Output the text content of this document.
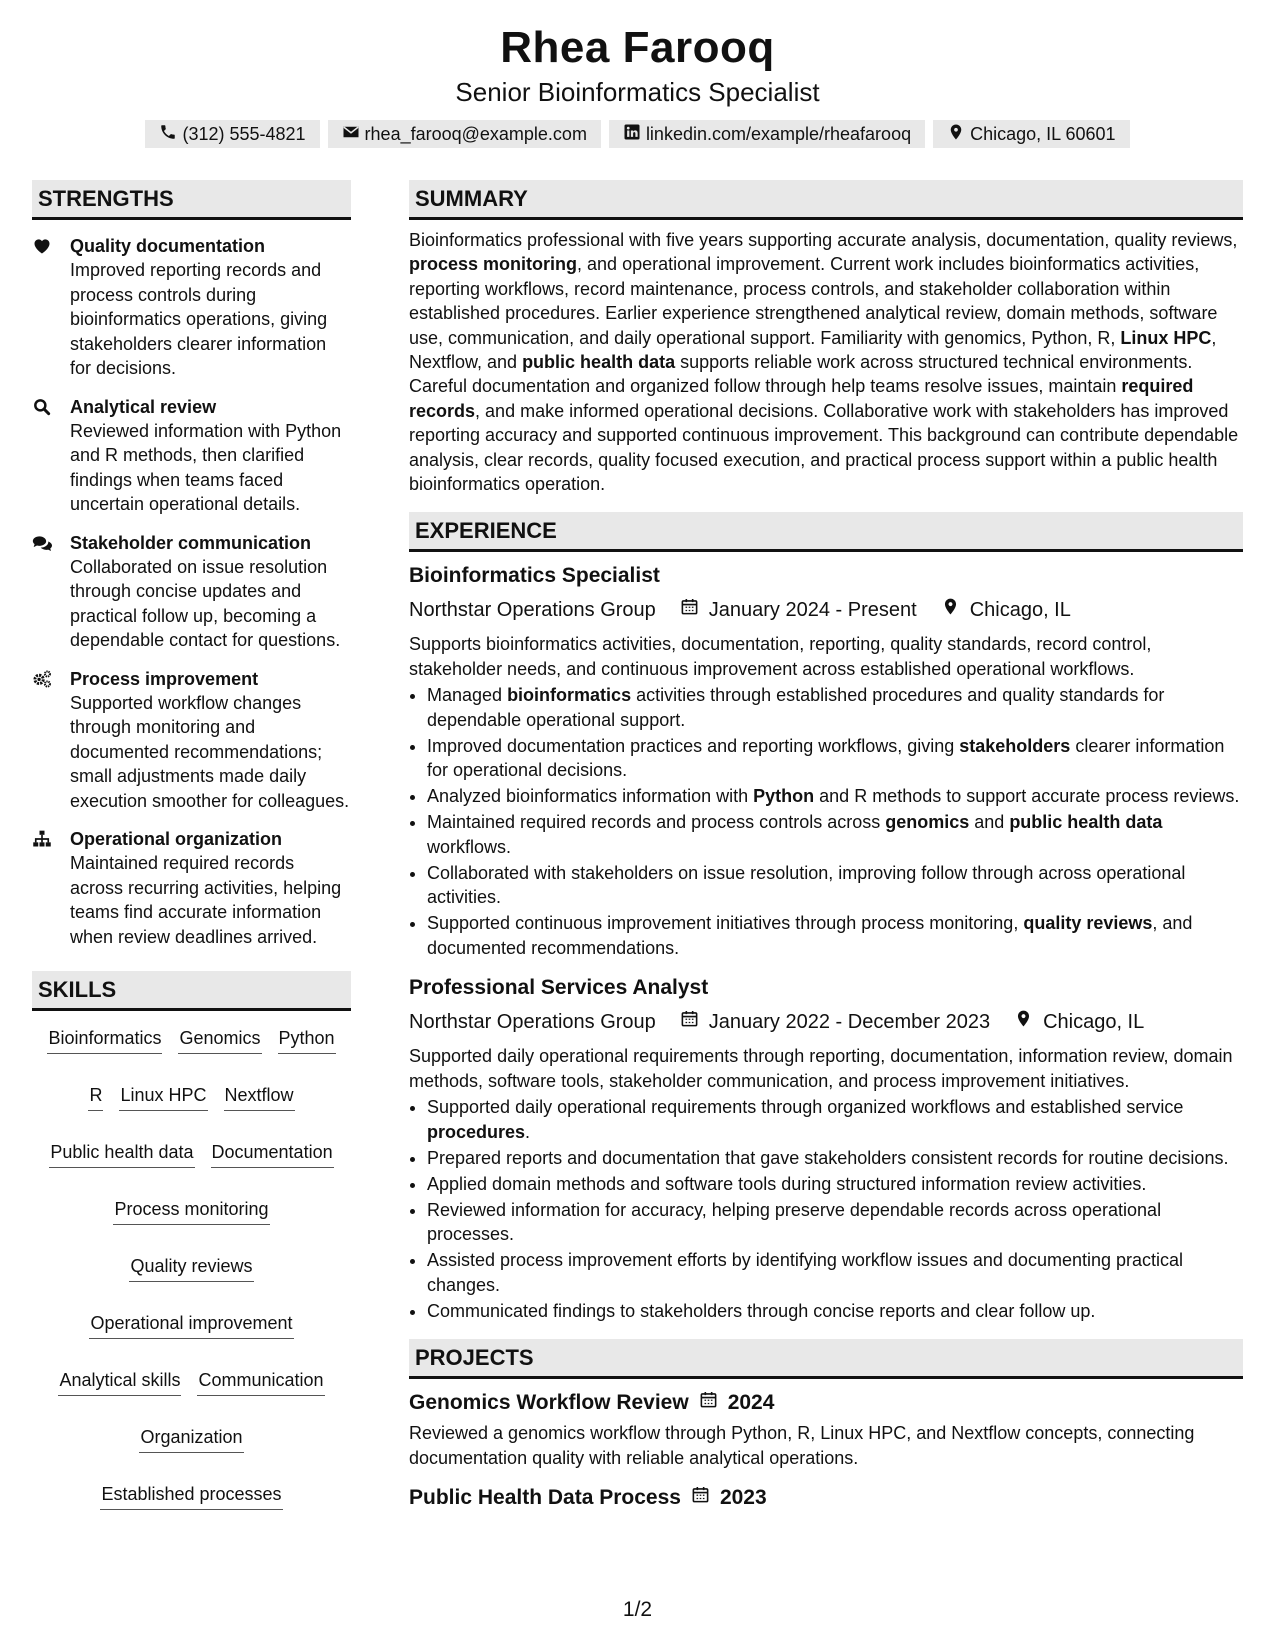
Rhea Farooq
Senior Bioinformatics Specialist
(312) 555-4821	rhea_farooq@example.com	linkedin.com/example/rheafarooq	Chicago, IL 60601
STRENGTHS
Quality documentation
Improved reporting records and process controls during bioinformatics operations, giving stakeholders clearer information for decisions.
Analytical review
Reviewed information with Python and R methods, then clarified findings when teams faced uncertain operational details.
Stakeholder communication
Collaborated on issue resolution through concise updates and practical follow up, becoming a dependable contact for questions.
Process improvement
Supported workflow changes through monitoring and documented recommendations; small adjustments made daily execution smoother for colleagues.
Operational organization
Maintained required records across recurring activities, helping teams find accurate information when review deadlines arrived.
SKILLS
Bioinformatics Genomics Python
R Linux HPC Nextflow
Public health data Documentation
Process monitoring
Quality reviews
Operational improvement
Analytical skills Communication
Organization
Established processes
SUMMARY
Bioinformatics professional with five years supporting accurate analysis, documentation, quality reviews, process monitoring, and operational improvement. Current work includes bioinformatics activities, reporting workflows, record maintenance, process controls, and stakeholder collaboration within established procedures. Earlier experience strengthened analytical review, domain methods, software use, communication, and daily operational support. Familiarity with genomics, Python, R, Linux HPC, Nextflow, and public health data supports reliable work across structured technical environments. Careful documentation and organized follow through help teams resolve issues, maintain required records, and make informed operational decisions. Collaborative work with stakeholders has improved reporting accuracy and supported continuous improvement. This background can contribute dependable analysis, clear records, quality focused execution, and practical process support within a public health bioinformatics operation.
EXPERIENCE
Bioinformatics Specialist
Northstar Operations Group	January 2024 - Present	Chicago, IL
Supports bioinformatics activities, documentation, reporting, quality standards, record control, stakeholder needs, and continuous improvement across established operational workflows.
• Managed bioinformatics activities through established procedures and quality standards for dependable operational support.
• Improved documentation practices and reporting workflows, giving stakeholders clearer information for operational decisions.
• Analyzed bioinformatics information with Python and R methods to support accurate process reviews.
• Maintained required records and process controls across genomics and public health data workflows.
• Collaborated with stakeholders on issue resolution, improving follow through across operational activities.
• Supported continuous improvement initiatives through process monitoring, quality reviews, and documented recommendations.
Professional Services Analyst
Northstar Operations Group	January 2022 - December 2023	Chicago, IL
Supported daily operational requirements through reporting, documentation, information review, domain methods, software tools, stakeholder communication, and process improvement initiatives.
• Supported daily operational requirements through organized workflows and established service procedures.
• Prepared reports and documentation that gave stakeholders consistent records for routine decisions.
• Applied domain methods and software tools during structured information review activities.
• Reviewed information for accuracy, helping preserve dependable records across operational processes.
• Assisted process improvement efforts by identifying workflow issues and documenting practical changes.
• Communicated findings to stakeholders through concise reports and clear follow up.
PROJECTS
Genomics Workflow Review 2024
Reviewed a genomics workflow through Python, R, Linux HPC, and Nextflow concepts, connecting documentation quality with reliable analytical operations.
Public Health Data Process 2023
1/2
